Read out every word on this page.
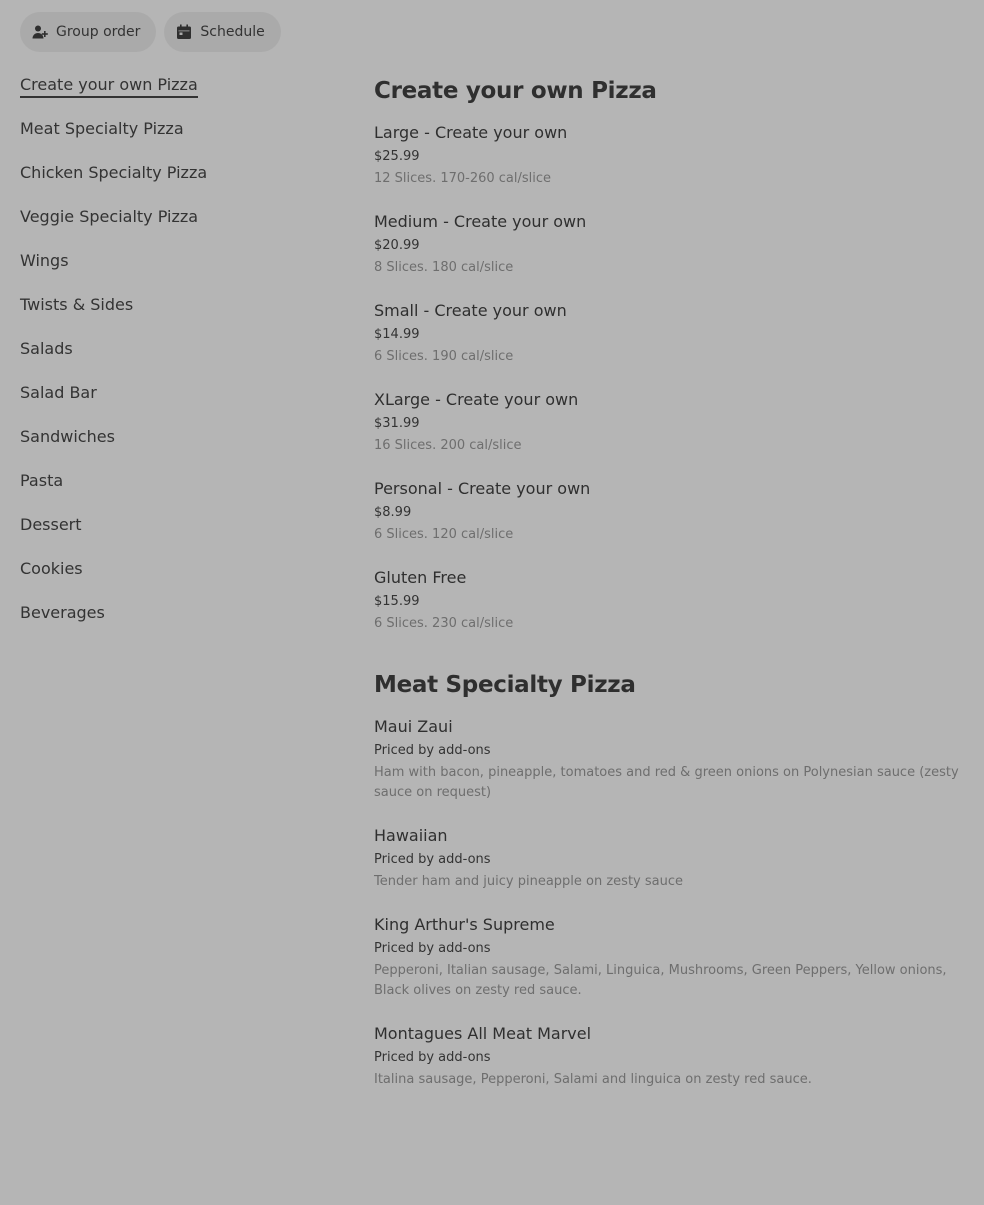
Group order	Schedule
Create your own Pizza
Meat Specialty Pizza
Chicken Specialty Pizza
Veggie Specialty Pizza
Wings
Twists & Sides
Salads
Salad Bar
Sandwiches
Pasta
Dessert
Cookies
Beverages
Create your own Pizza
Large - Create your own
$25.99
12 Slices. 170-260 cal/slice
Medium - Create your own
$20.99
8 Slices. 180 cal/slice
Small - Create your own
$14.99
6 Slices. 190 cal/slice
XLarge - Create your own
$31.99
16 Slices. 200 cal/slice
Personal - Create your own
$8.99
6 Slices. 120 cal/slice
Gluten Free
$15.99
6 Slices. 230 cal/slice
Meat Specialty Pizza
Maui Zaui
Priced by add-ons
Ham with bacon, pineapple, tomatoes and red & green onions on Polynesian sauce (zesty sauce on request)
Hawaiian
Priced by add-ons
Tender ham and juicy pineapple on zesty sauce
King Arthur's Supreme
Priced by add-ons
Pepperoni, Italian sausage, Salami, Linguica, Mushrooms, Green Peppers, Yellow onions, Black olives on zesty red sauce.
Montagues All Meat Marvel
Priced by add-ons
Italina sausage, Pepperoni, Salami and linguica on zesty red sauce.
